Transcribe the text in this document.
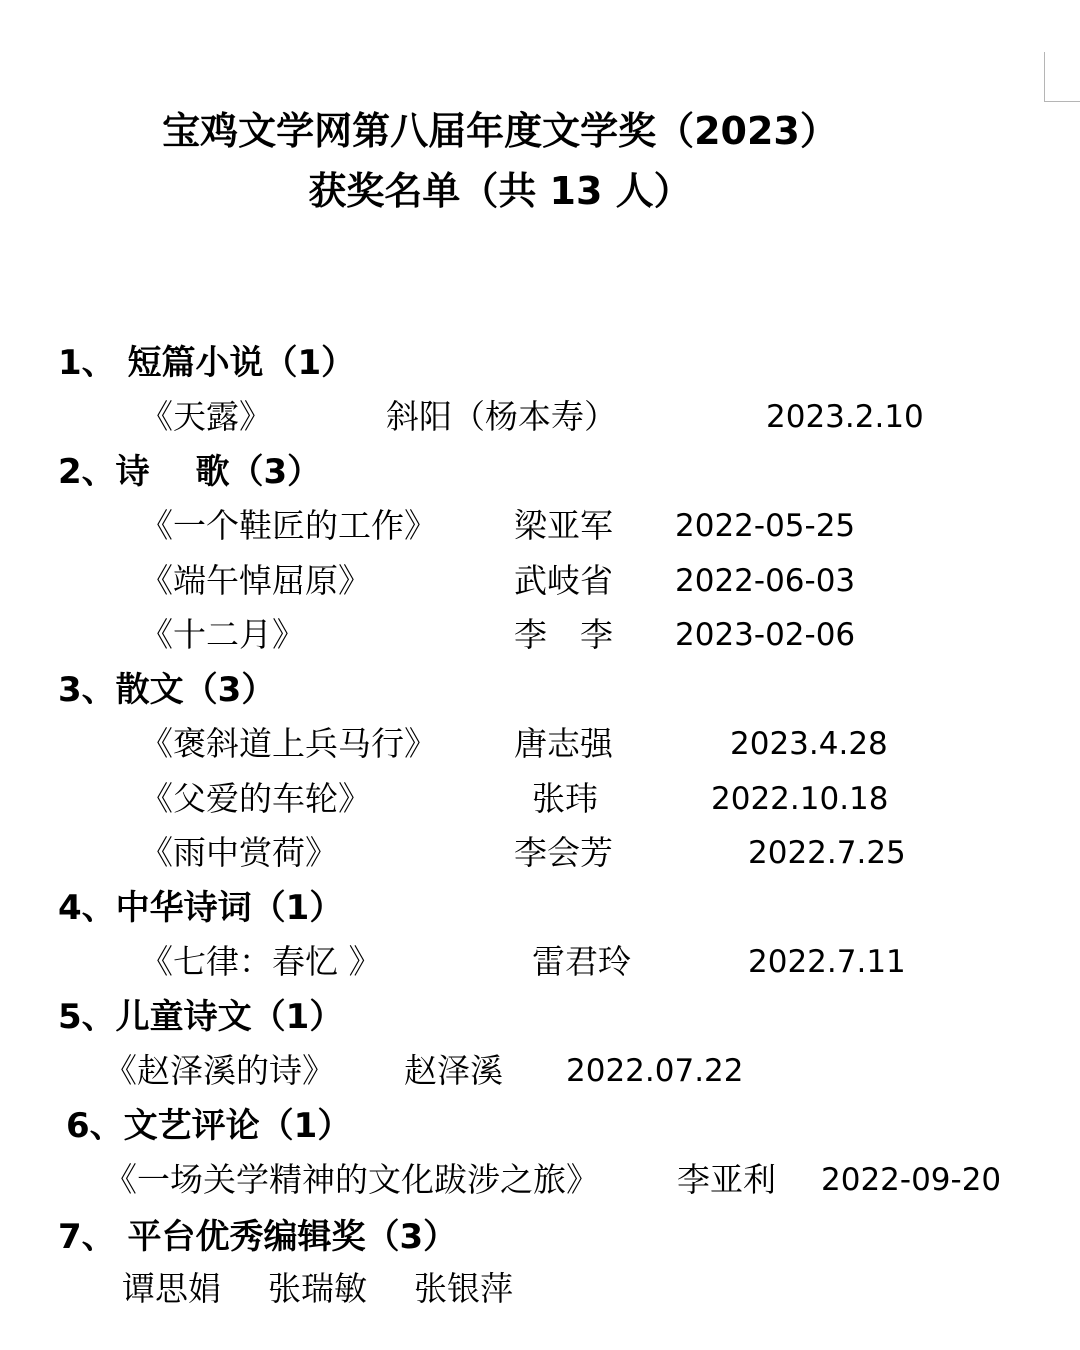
宝鸡文学网第八届年度文学奖（2023）
获奖名单（共 13 人）
1、 短篇小说（1）
《天露》	斜阳（杨本寿）	2023.2.10
2、诗　 歌（3）
《一个鞋匠的工作》 梁亚军 2022-05-25
《端午悼屈原》	武岐省 2022-06-03
《十二月》	李　李 2023-02-06
3、散文（3）
《褒斜道上兵马行》 唐志强	2023.4.28
《父爱的车轮》	张玮	2022.10.18
《雨中赏荷》	李会芳	2022.7.25
4、中华诗词（1）
《七律：春忆 》	雷君玲	2022.7.11
5、儿童诗文（1）
《赵泽溪的诗》 赵泽溪 2022.07.22
6、文艺评论（1）
《一场关学精神的文化跋涉之旅》 李亚利 2022-09-20
7、 平台优秀编辑奖（3）
谭思娟 张瑞敏 张银萍
